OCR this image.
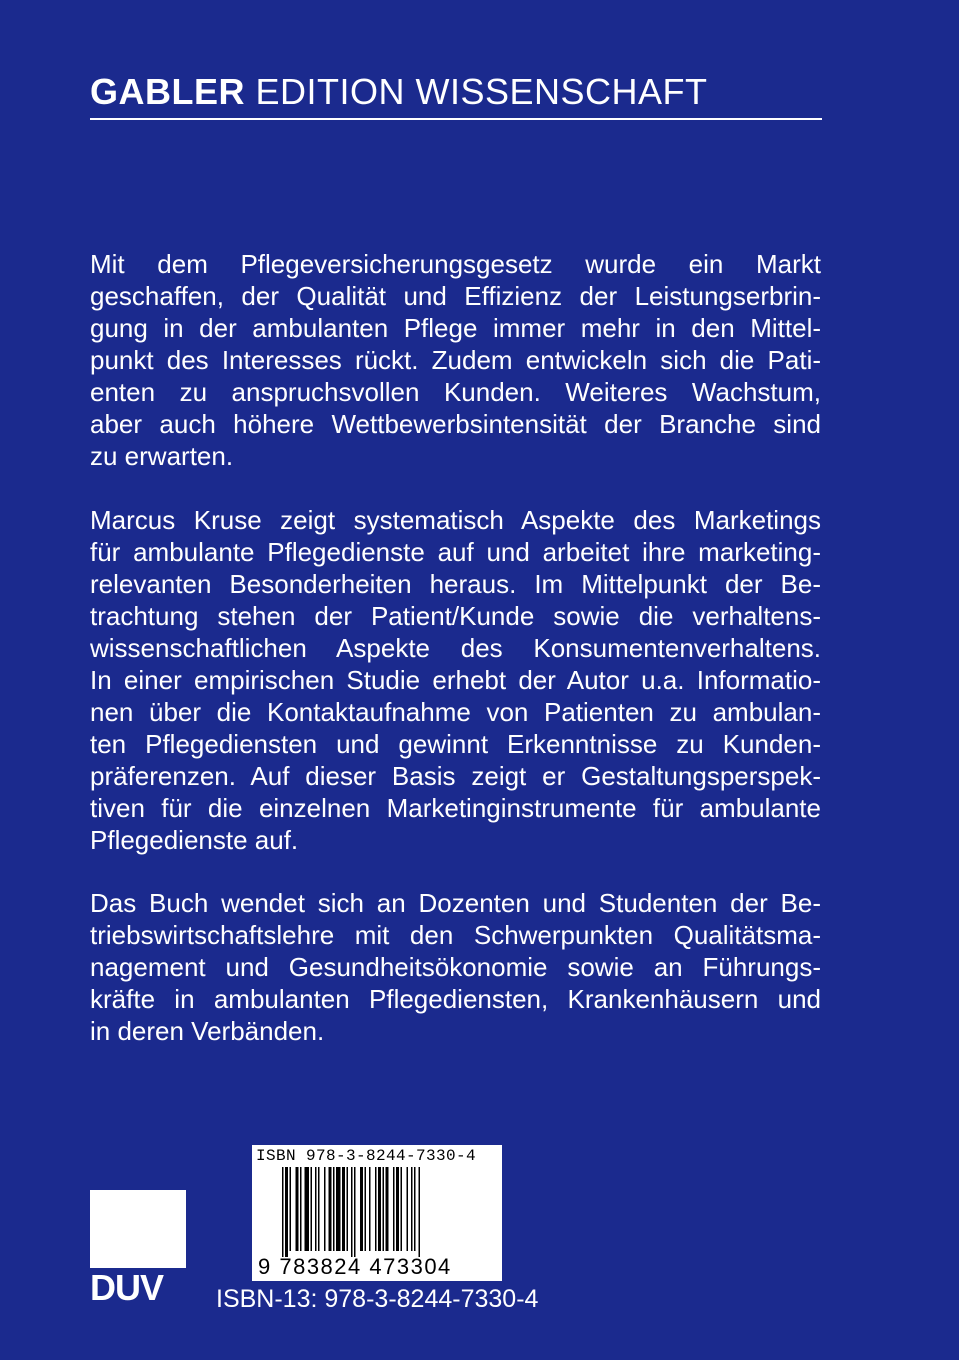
GABLER EDITION WISSENSCHAFT
Mit dem Pflegeversicherungsgesetz wurde ein Markt
geschaffen, der Qualität und Effizienz der Leistungserbrin-
gung in der ambulanten Pflege immer mehr in den Mittel-
punkt des Interesses rückt. Zudem entwickeln sich die Pati-
enten zu anspruchsvollen Kunden. Weiteres Wachstum,
aber auch höhere Wettbewerbsintensität der Branche sind
zu erwarten.
Marcus Kruse zeigt systematisch Aspekte des Marketings
für ambulante Pflegedienste auf und arbeitet ihre marketing-
relevanten Besonderheiten heraus. Im Mittelpunkt der Be-
trachtung stehen der Patient/Kunde sowie die verhaltens-
wissenschaftlichen Aspekte des Konsumentenverhaltens.
In einer empirischen Studie erhebt der Autor u.a. Informatio-
nen über die Kontaktaufnahme von Patienten zu ambulan-
ten Pflegediensten und gewinnt Erkenntnisse zu Kunden-
präferenzen. Auf dieser Basis zeigt er Gestaltungsperspek-
tiven für die einzelnen Marketinginstrumente für ambulante
Pflegedienste auf.
Das Buch wendet sich an Dozenten und Studenten der Be-
triebswirtschaftslehre mit den Schwerpunkten Qualitätsma-
nagement und Gesundheitsökonomie sowie an Führungs-
kräfte in ambulanten Pflegediensten, Krankenhäusern und
in deren Verbänden.
ISBN 978-3-8244-7330-4
9 783824 473304
DUV	ISBN-13: 978-3-8244-7330-4
